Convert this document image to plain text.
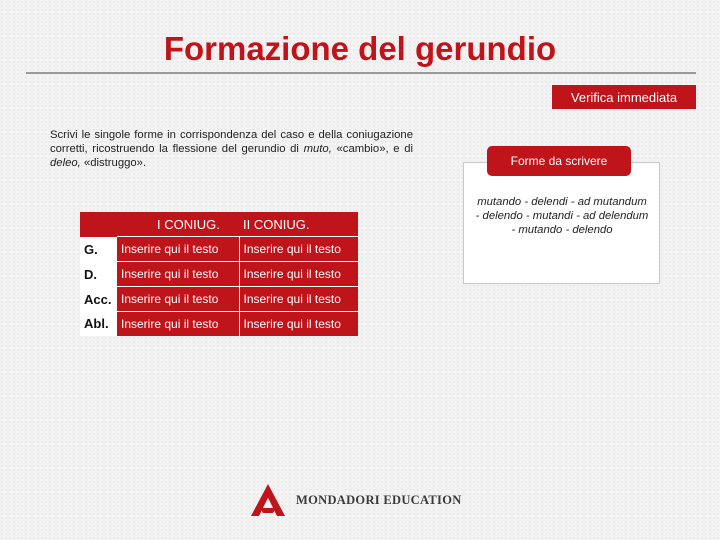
Formazione del gerundio
Verifica immediata
Scrivi le singole forme in corrispondenza del caso e della coniugazione corretti, ricostruendo la flessione del gerundio di muto, «cambio», e di deleo, «distruggo».
	I CONIUG.	II CONIUG.
G.	Inserire qui il testo	Inserire qui il testo
D.	Inserire qui il testo	Inserire qui il testo
Acc.	Inserire qui il testo	Inserire qui il testo
Abl.	Inserire qui il testo	Inserire qui il testo
Forme da scrivere
mutando - delendi - ad mutandum - delendo - mutandi - ad delendum - mutando - delendo
MONDADORI EDUCATION
